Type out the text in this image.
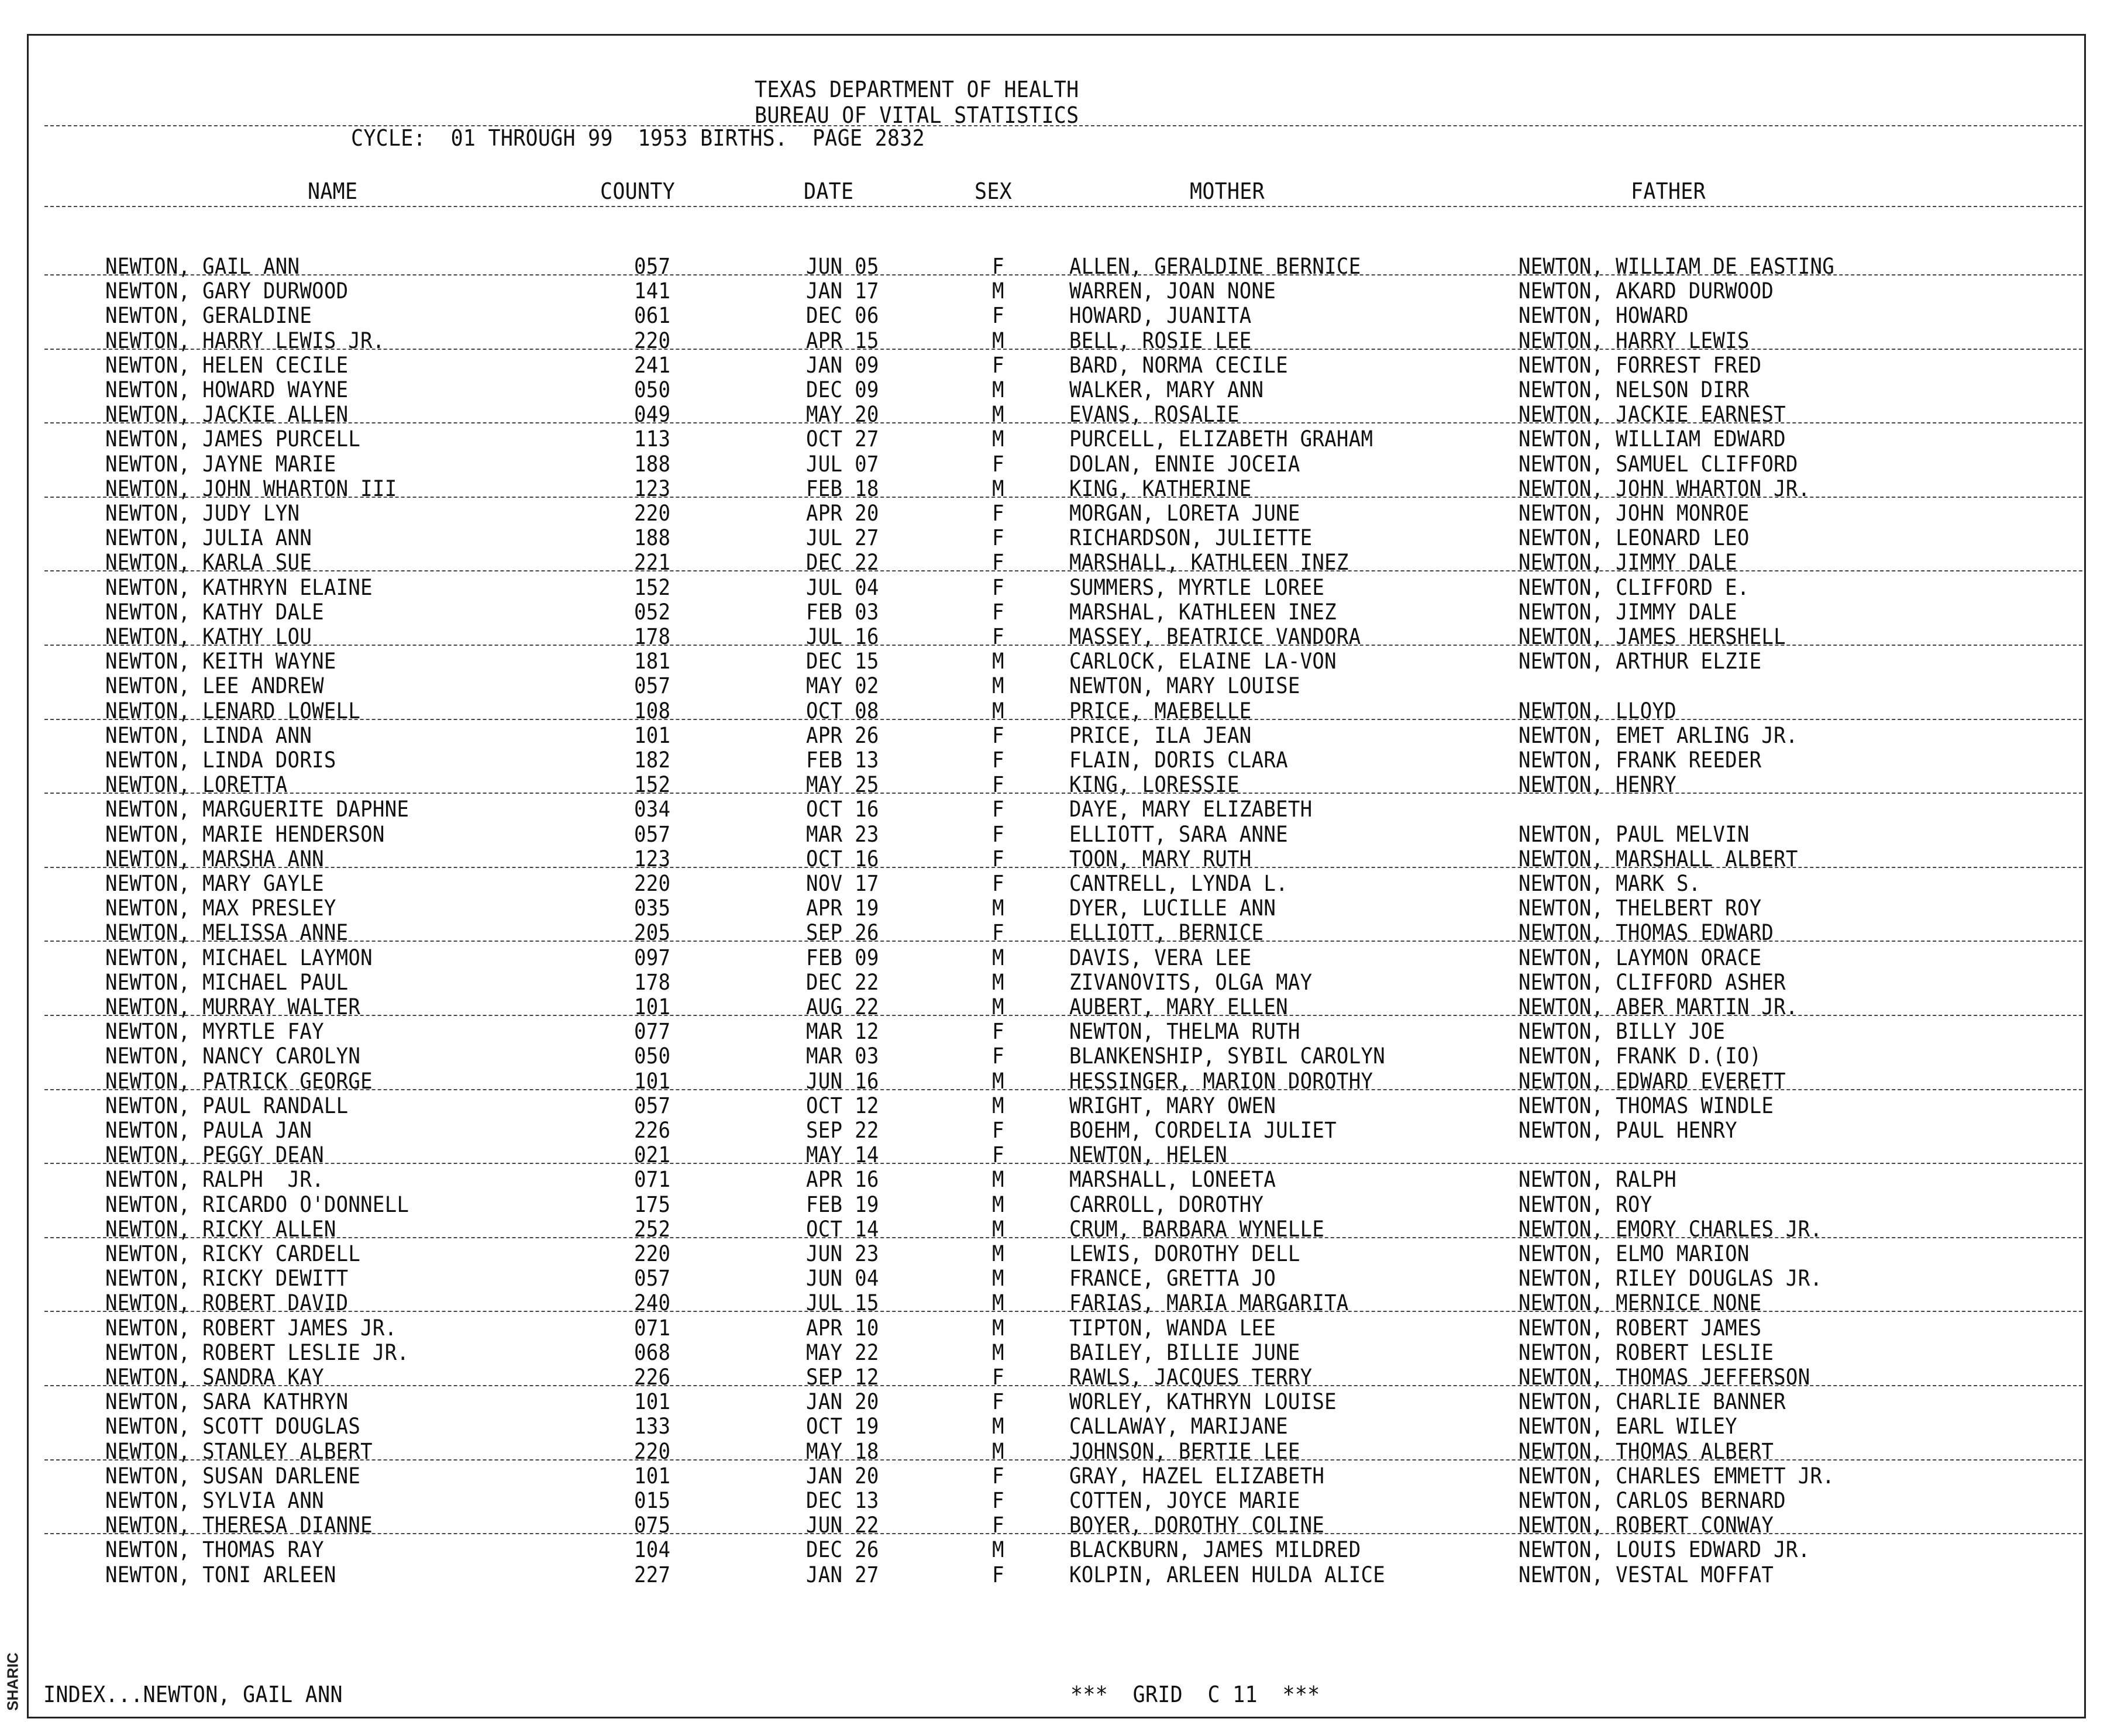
SHARIC
TEXAS DEPARTMENT OF HEALTH
BUREAU OF VITAL STATISTICS
CYCLE:  01 THROUGH 99  1953 BIRTHS.  PAGE 2832
NAME	COUNTY	DATE	SEX	MOTHER	FATHER
NEWTON, GAIL ANN	057	JUN 05	F	ALLEN, GERALDINE BERNICE	NEWTON, WILLIAM DE EASTING
NEWTON, GARY DURWOOD	141	JAN 17	M	WARREN, JOAN NONE	NEWTON, AKARD DURWOOD
NEWTON, GERALDINE	061	DEC 06	F	HOWARD, JUANITA	NEWTON, HOWARD
NEWTON, HARRY LEWIS JR.	220	APR 15	M	BELL, ROSIE LEE	NEWTON, HARRY LEWIS
NEWTON, HELEN CECILE	241	JAN 09	F	BARD, NORMA CECILE	NEWTON, FORREST FRED
NEWTON, HOWARD WAYNE	050	DEC 09	M	WALKER, MARY ANN	NEWTON, NELSON DIRR
NEWTON, JACKIE ALLEN	049	MAY 20	M	EVANS, ROSALIE	NEWTON, JACKIE EARNEST
NEWTON, JAMES PURCELL	113	OCT 27	M	PURCELL, ELIZABETH GRAHAM	NEWTON, WILLIAM EDWARD
NEWTON, JAYNE MARIE	188	JUL 07	F	DOLAN, ENNIE JOCEIA	NEWTON, SAMUEL CLIFFORD
NEWTON, JOHN WHARTON III	123	FEB 18	M	KING, KATHERINE	NEWTON, JOHN WHARTON JR.
NEWTON, JUDY LYN	220	APR 20	F	MORGAN, LORETA JUNE	NEWTON, JOHN MONROE
NEWTON, JULIA ANN	188	JUL 27	F	RICHARDSON, JULIETTE	NEWTON, LEONARD LEO
NEWTON, KARLA SUE	221	DEC 22	F	MARSHALL, KATHLEEN INEZ	NEWTON, JIMMY DALE
NEWTON, KATHRYN ELAINE	152	JUL 04	F	SUMMERS, MYRTLE LOREE	NEWTON, CLIFFORD E.
NEWTON, KATHY DALE	052	FEB 03	F	MARSHAL, KATHLEEN INEZ	NEWTON, JIMMY DALE
NEWTON, KATHY LOU	178	JUL 16	F	MASSEY, BEATRICE VANDORA	NEWTON, JAMES HERSHELL
NEWTON, KEITH WAYNE	181	DEC 15	M	CARLOCK, ELAINE LA-VON	NEWTON, ARTHUR ELZIE
NEWTON, LEE ANDREW	057	MAY 02	M	NEWTON, MARY LOUISE
NEWTON, LENARD LOWELL	108	OCT 08	M	PRICE, MAEBELLE	NEWTON, LLOYD
NEWTON, LINDA ANN	101	APR 26	F	PRICE, ILA JEAN	NEWTON, EMET ARLING JR.
NEWTON, LINDA DORIS	182	FEB 13	F	FLAIN, DORIS CLARA	NEWTON, FRANK REEDER
NEWTON, LORETTA	152	MAY 25	F	KING, LORESSIE	NEWTON, HENRY
NEWTON, MARGUERITE DAPHNE	034	OCT 16	F	DAYE, MARY ELIZABETH
NEWTON, MARIE HENDERSON	057	MAR 23	F	ELLIOTT, SARA ANNE	NEWTON, PAUL MELVIN
NEWTON, MARSHA ANN	123	OCT 16	F	TOON, MARY RUTH	NEWTON, MARSHALL ALBERT
NEWTON, MARY GAYLE	220	NOV 17	F	CANTRELL, LYNDA L.	NEWTON, MARK S.
NEWTON, MAX PRESLEY	035	APR 19	M	DYER, LUCILLE ANN	NEWTON, THELBERT ROY
NEWTON, MELISSA ANNE	205	SEP 26	F	ELLIOTT, BERNICE	NEWTON, THOMAS EDWARD
NEWTON, MICHAEL LAYMON	097	FEB 09	M	DAVIS, VERA LEE	NEWTON, LAYMON ORACE
NEWTON, MICHAEL PAUL	178	DEC 22	M	ZIVANOVITS, OLGA MAY	NEWTON, CLIFFORD ASHER
NEWTON, MURRAY WALTER	101	AUG 22	M	AUBERT, MARY ELLEN	NEWTON, ABER MARTIN JR.
NEWTON, MYRTLE FAY	077	MAR 12	F	NEWTON, THELMA RUTH	NEWTON, BILLY JOE
NEWTON, NANCY CAROLYN	050	MAR 03	F	BLANKENSHIP, SYBIL CAROLYN	NEWTON, FRANK D.(IO)
NEWTON, PATRICK GEORGE	101	JUN 16	M	HESSINGER, MARION DOROTHY	NEWTON, EDWARD EVERETT
NEWTON, PAUL RANDALL	057	OCT 12	M	WRIGHT, MARY OWEN	NEWTON, THOMAS WINDLE
NEWTON, PAULA JAN	226	SEP 22	F	BOEHM, CORDELIA JULIET	NEWTON, PAUL HENRY
NEWTON, PEGGY DEAN	021	MAY 14	F	NEWTON, HELEN
NEWTON, RALPH  JR.	071	APR 16	M	MARSHALL, LONEETA	NEWTON, RALPH
NEWTON, RICARDO O'DONNELL	175	FEB 19	M	CARROLL, DOROTHY	NEWTON, ROY
NEWTON, RICKY ALLEN	252	OCT 14	M	CRUM, BARBARA WYNELLE	NEWTON, EMORY CHARLES JR.
NEWTON, RICKY CARDELL	220	JUN 23	M	LEWIS, DOROTHY DELL	NEWTON, ELMO MARION
NEWTON, RICKY DEWITT	057	JUN 04	M	FRANCE, GRETTA JO	NEWTON, RILEY DOUGLAS JR.
NEWTON, ROBERT DAVID	240	JUL 15	M	FARIAS, MARIA MARGARITA	NEWTON, MERNICE NONE
NEWTON, ROBERT JAMES JR.	071	APR 10	M	TIPTON, WANDA LEE	NEWTON, ROBERT JAMES
NEWTON, ROBERT LESLIE JR.	068	MAY 22	M	BAILEY, BILLIE JUNE	NEWTON, ROBERT LESLIE
NEWTON, SANDRA KAY	226	SEP 12	F	RAWLS, JACQUES TERRY	NEWTON, THOMAS JEFFERSON
NEWTON, SARA KATHRYN	101	JAN 20	F	WORLEY, KATHRYN LOUISE	NEWTON, CHARLIE BANNER
NEWTON, SCOTT DOUGLAS	133	OCT 19	M	CALLAWAY, MARIJANE	NEWTON, EARL WILEY
NEWTON, STANLEY ALBERT	220	MAY 18	M	JOHNSON, BERTIE LEE	NEWTON, THOMAS ALBERT
NEWTON, SUSAN DARLENE	101	JAN 20	F	GRAY, HAZEL ELIZABETH	NEWTON, CHARLES EMMETT JR.
NEWTON, SYLVIA ANN	015	DEC 13	F	COTTEN, JOYCE MARIE	NEWTON, CARLOS BERNARD
NEWTON, THERESA DIANNE	075	JUN 22	F	BOYER, DOROTHY COLINE	NEWTON, ROBERT CONWAY
NEWTON, THOMAS RAY	104	DEC 26	M	BLACKBURN, JAMES MILDRED	NEWTON, LOUIS EDWARD JR.
NEWTON, TONI ARLEEN	227	JAN 27	F	KOLPIN, ARLEEN HULDA ALICE	NEWTON, VESTAL MOFFAT
INDEX...NEWTON, GAIL ANN	***  GRID  C 11  ***
